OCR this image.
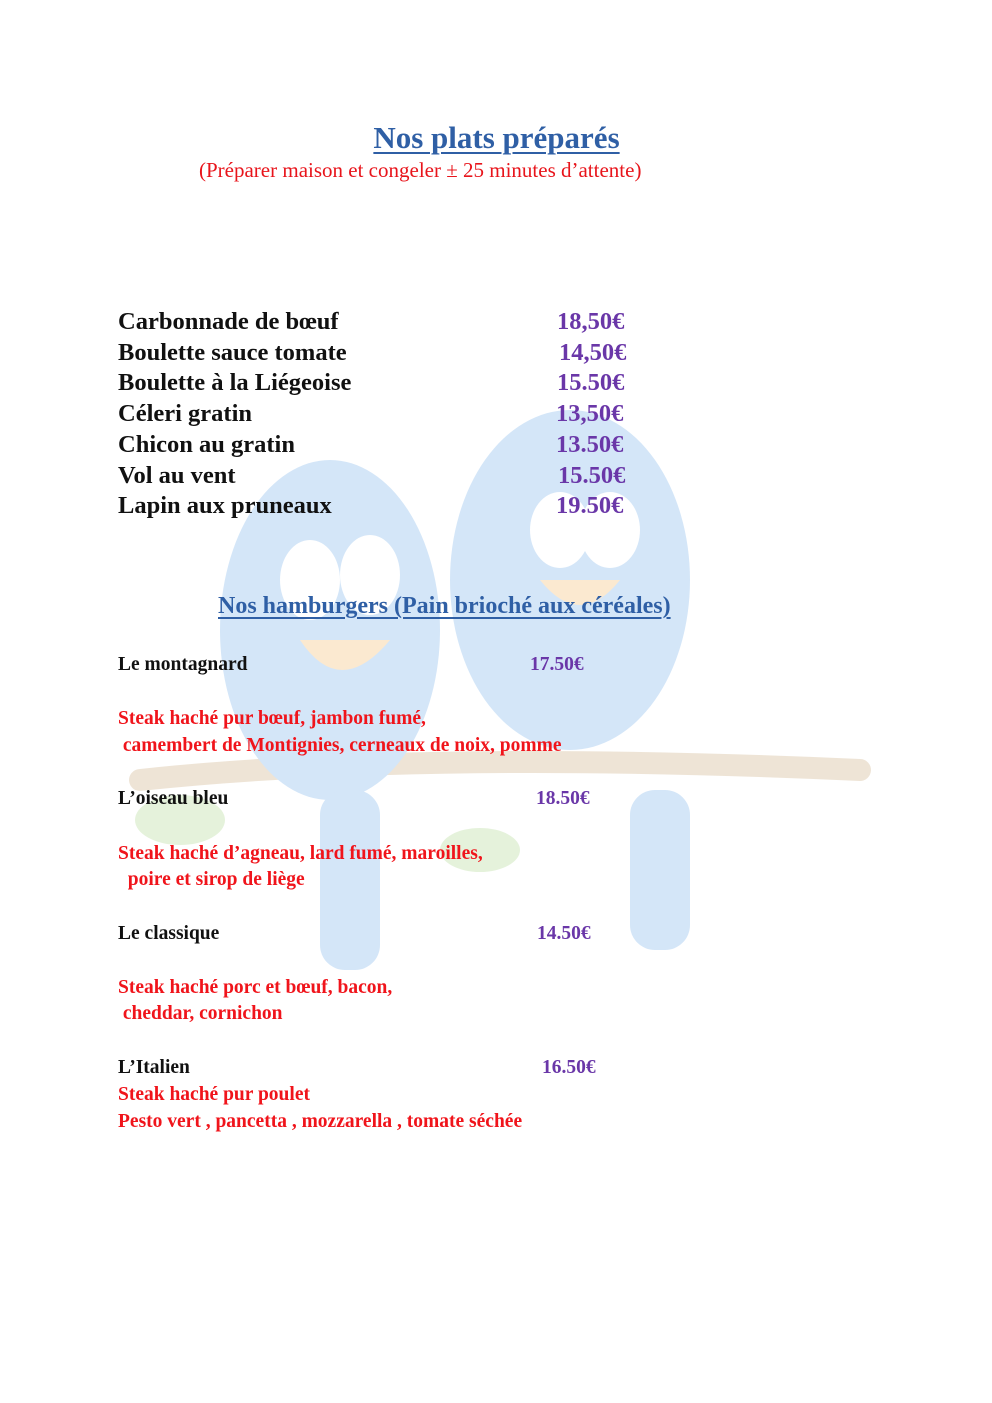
Nos plats préparés
(Préparer maison et congeler ± 25 minutes d’attente)
Carbonnade de bœuf	18,50€
Boulette sauce tomate	14,50€
Boulette à la Liégeoise	15.50€
Céleri gratin	13,50€
Chicon au gratin	13.50€
Vol au vent	15.50€
Lapin aux pruneaux	19.50€
Nos hamburgers (Pain brioché aux céréales)
Le montagnard	17.50€
Steak haché pur bœuf, jambon fumé,
camembert de Montignies, cerneaux de noix, pomme
L’oiseau bleu	18.50€
Steak haché d’agneau, lard fumé, maroilles,
poire et sirop de liège
Le classique	14.50€
Steak haché porc et bœuf, bacon,
cheddar, cornichon
L’Italien	16.50€
Steak haché pur poulet
Pesto vert , pancetta , mozzarella , tomate séchée
